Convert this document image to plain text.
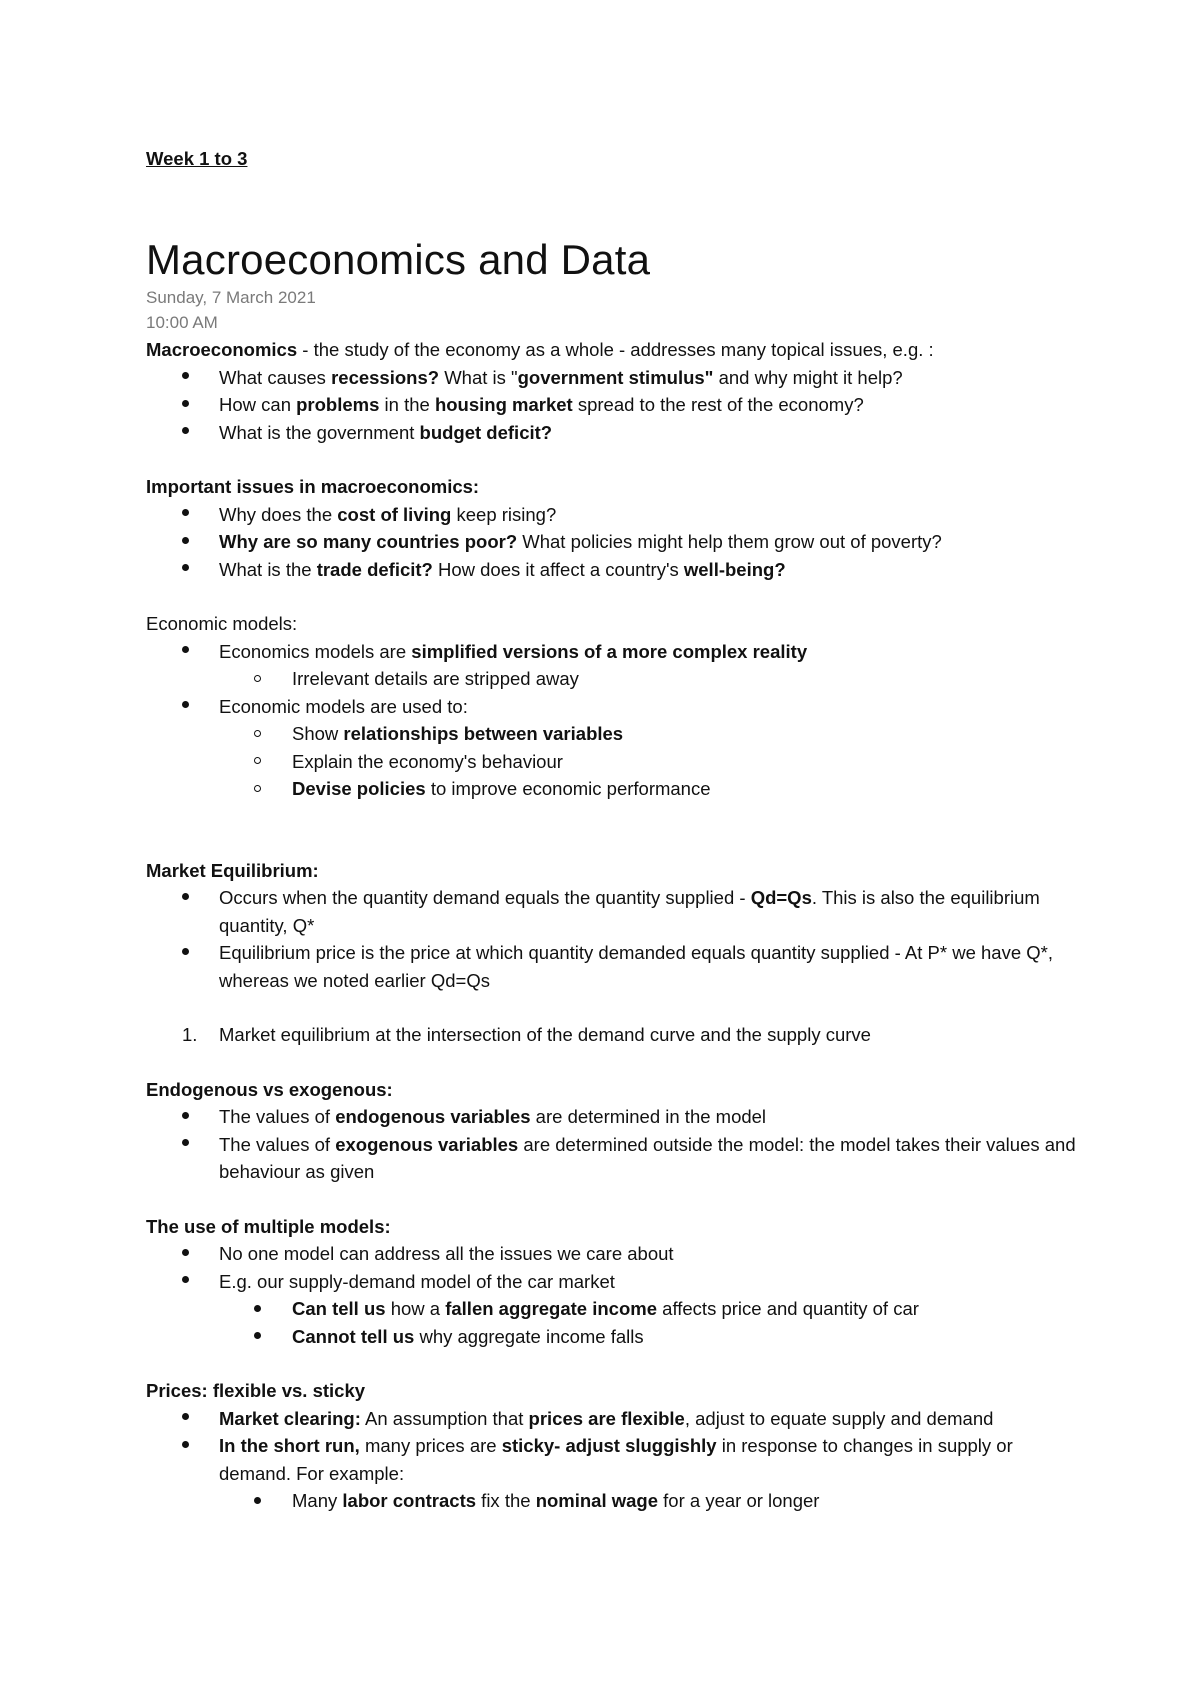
Week 1 to 3
Macroeconomics and Data
Sunday, 7 March 2021
10:00 AM

Macroeconomics - the study of the economy as a whole - addresses many topical issues, e.g. :

What causes recessions? What is "government stimulus" and why might it help?
How can problems in the housing market spread to the rest of the economy?
What is the government budget deficit?

Important issues in macroeconomics:

Why does the cost of living keep rising?
Why are so many countries poor? What policies might help them grow out of poverty?
What is the trade deficit? How does it affect a country's well-being?

Economic models:

Economics models are simplified versions of a more complex reality
Irrelevant details are stripped away
Economic models are used to:
Show relationships between variables
Explain the economy's behaviour
Devise policies to improve economic performance

Market Equilibrium:

Occurs when the quantity demand equals the quantity supplied - Qd=Qs. This is also the equilibrium quantity, Q*
Equilibrium price is the price at which quantity demanded equals quantity supplied - At P* we have Q*, whereas we noted earlier Qd=Qs
1. Market equilibrium at the intersection of the demand curve and the supply curve

Endogenous vs exogenous:

The values of endogenous variables are determined in the model
The values of exogenous variables are determined outside the model: the model takes their values and behaviour as given

The use of multiple models:

No one model can address all the issues we care about
E.g. our supply-demand model of the car market
Can tell us how a fallen aggregate income affects price and quantity of car
Cannot tell us why aggregate income falls

Prices: flexible vs. sticky

Market clearing: An assumption that prices are flexible, adjust to equate supply and demand
In the short run, many prices are sticky- adjust sluggishly in response to changes in supply or demand. For example:
Many labor contracts fix the nominal wage for a year or longer
